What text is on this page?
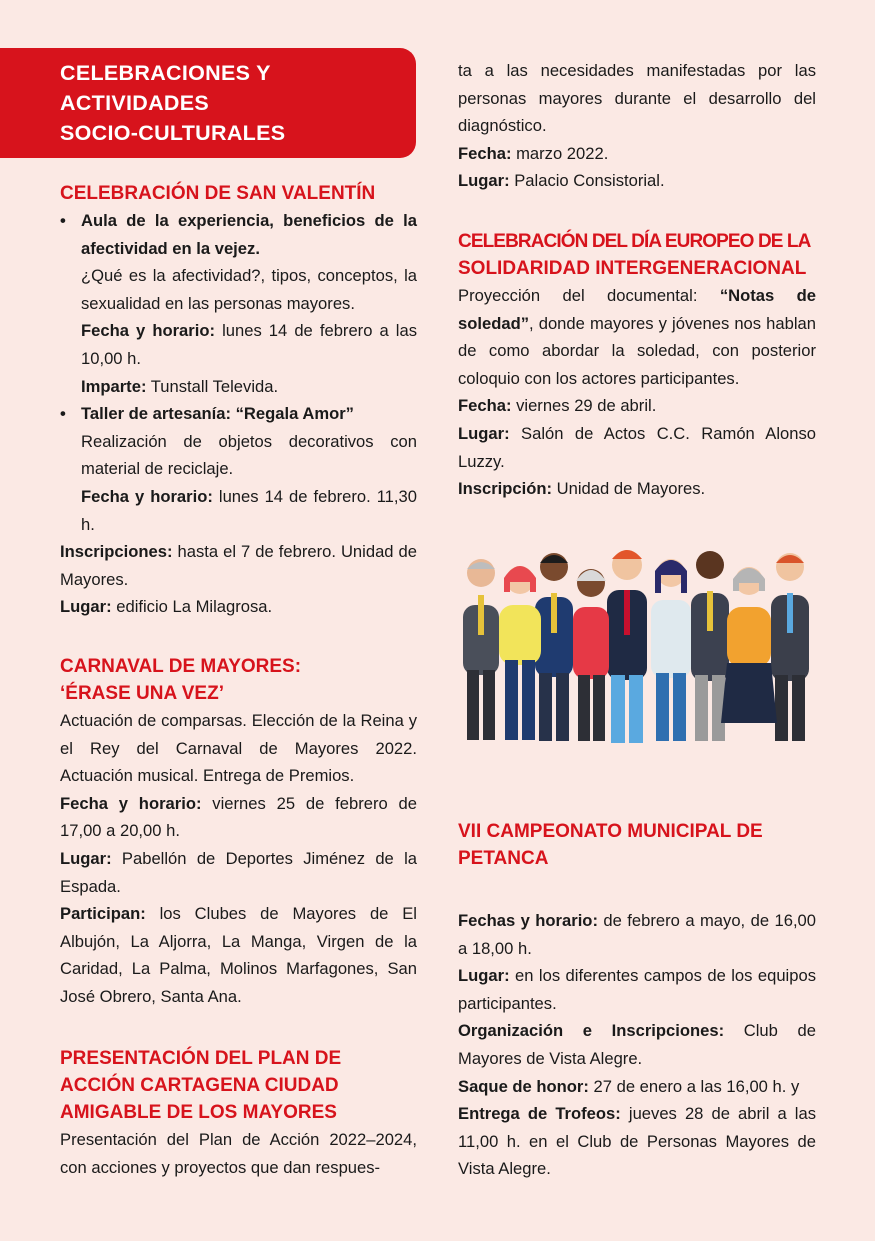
CELEBRACIONES Y
ACTIVIDADES
SOCIO-CULTURALES
CELEBRACIÓN DE SAN VALENTÍN
• Aula de la experiencia, beneficios de la afectividad en la vejez.

¿Qué es la afectividad?, tipos, conceptos, la sexualidad en las personas mayores.

Fecha y horario: lunes 14 de febrero a las 10,00 h.

Imparte: Tunstall Televida.

• Taller de artesanía: “Regala Amor”

Realización de objetos decorativos con material de reciclaje.

Fecha y horario: lunes 14 de febrero. 11,30 h.

Inscripciones: hasta el 7 de febrero. Unidad de Mayores.

Lugar: edificio La Milagrosa.

CARNAVAL DE MAYORES:
‘ÉRASE UNA VEZ’

Actuación de comparsas. Elección de la Reina y el Rey del Carnaval de Mayores 2022. Actuación musical. Entrega de Premios.

Fecha y horario: viernes 25 de febrero de 17,00 a 20,00 h.

Lugar: Pabellón de Deportes Jiménez de la Espada.

Participan: los Clubes de Mayores de El Albujón, La Aljorra, La Manga, Virgen de la Caridad, La Palma, Molinos Marfagones, San José Obrero, Santa Ana.

PRESENTACIÓN DEL PLAN DE
ACCIÓN CARTAGENA CIUDAD
AMIGABLE DE LOS MAYORES

Presentación del Plan de Acción 2022–2024, con acciones y proyectos que dan respues-

ta a las necesidades manifestadas por las personas mayores durante el desarrollo del diagnóstico.

Fecha: marzo 2022.

Lugar: Palacio Consistorial.

CELEBRACIÓN DEL DÍA EUROPEO DE LA
SOLIDARIDAD INTERGENERACIONAL

Proyección del documental: “Notas de soledad”, donde mayores y jóvenes nos hablan de como abordar la soledad, con posterior coloquio con los actores participantes.

Fecha: viernes 29 de abril.

Lugar: Salón de Actos C.C. Ramón Alonso Luzzy.

Inscripción: Unidad de Mayores.

VII CAMPEONATO MUNICIPAL DE
PETANCA

Fechas y horario: de febrero a mayo, de 16,00 a 18,00 h.

Lugar: en los diferentes campos de los equipos participantes.

Organización e Inscripciones: Club de Mayores de Vista Alegre.

Saque de honor: 27 de enero a las 16,00 h. y

Entrega de Trofeos: jueves 28 de abril a las 11,00 h. en el Club de Personas Mayores de Vista Alegre.
